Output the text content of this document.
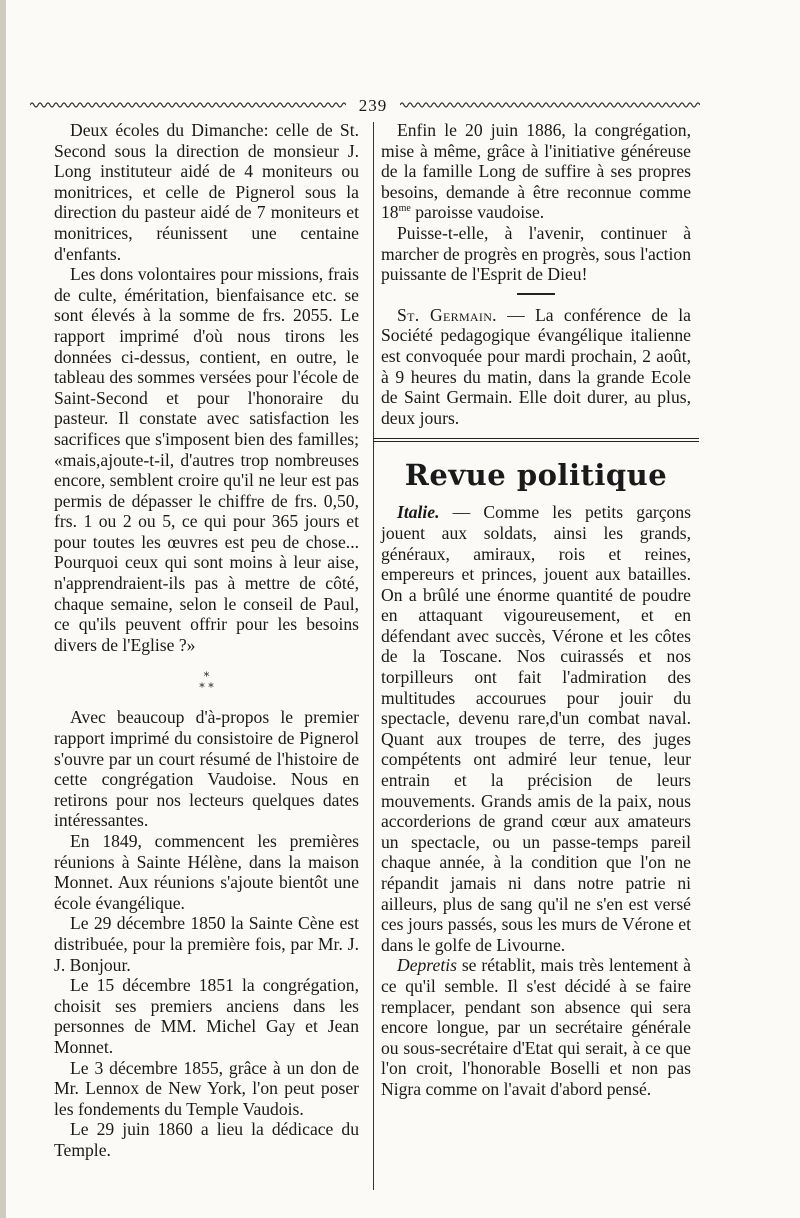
239

Deux écoles du Dimanche: celle de St. Second sous la direction de monsieur J. Long instituteur aidé de 4 moniteurs ou monitrices, et celle de Pignerol sous la direction du pasteur aidé de 7 moniteurs et monitrices, réunissent une centaine d'enfants.

Les dons volontaires pour missions, frais de culte, éméritation, bienfaisance etc. se sont élevés à la somme de frs. 2055. Le rapport imprimé d'où nous tirons les données ci-dessus, contient, en outre, le tableau des sommes versées pour l'école de Saint-Second et pour l'honoraire du pasteur. Il constate avec satisfaction les sacrifices que s'imposent bien des familles; «mais,ajoute-t-il, d'autres trop nombreuses encore, semblent croire qu'il ne leur est pas permis de dépasser le chiffre de frs. 0,50, frs. 1 ou 2 ou 5, ce qui pour 365 jours et pour toutes les œuvres est peu de chose... Pourquoi ceux qui sont moins à leur aise, n'apprendraient-ils pas à mettre de côté, chaque semaine, selon le conseil de Paul, ce qu'ils peuvent offrir pour les besoins divers de l'Eglise ?»

*
* *

Avec beaucoup d'à-propos le premier rapport imprimé du consistoire de Pignerol s'ouvre par un court résumé de l'histoire de cette congrégation Vaudoise. Nous en retirons pour nos lecteurs quelques dates intéressantes.

En 1849, commencent les premières réunions à Sainte Hélène, dans la maison Monnet. Aux réunions s'ajoute bientôt une école évangélique.

Le 29 décembre 1850 la Sainte Cène est distribuée, pour la première fois, par Mr. J. J. Bonjour.

Le 15 décembre 1851 la congrégation, choisit ses premiers anciens dans les personnes de MM. Michel Gay et Jean Monnet.

Le 3 décembre 1855, grâce à un don de Mr. Lennox de New York, l'on peut poser les fondements du Temple Vaudois.

Le 29 juin 1860 a lieu la dédicace du Temple.

Enfin le 20 juin 1886, la congrégation, mise à même, grâce à l'initiative généreuse de la famille Long de suffire à ses propres besoins, demande à être reconnue comme $18^{me}$ paroisse vaudoise.

Puisse-t-elle, à l'avenir, continuer à marcher de progrès en progrès, sous l'action puissante de l'Esprit de Dieu!

St. Germain. — La conférence de la Société pedagogique évangélique italienne est convoquée pour mardi prochain, 2 août, à 9 heures du matin, dans la grande Ecole de Saint Germain. Elle doit durer, au plus, deux jours.

Revue politique

Italie. — Comme les petits garçons jouent aux soldats, ainsi les grands, généraux, amiraux, rois et reines, empereurs et princes, jouent aux batailles. On a brûlé une énorme quantité de poudre en attaquant vigoureusement, et en défendant avec succès, Vérone et les côtes de la Toscane. Nos cuirassés et nos torpilleurs ont fait l'admiration des multitudes accourues pour jouir du spectacle, devenu rare,d'un combat naval. Quant aux troupes de terre, des juges compétents ont admiré leur tenue, leur entrain et la précision de leurs mouvements. Grands amis de la paix, nous accorderions de grand cœur aux amateurs un spectacle, ou un passe-temps pareil chaque année, à la condition que l'on ne répandit jamais ni dans notre patrie ni ailleurs, plus de sang qu'il ne s'en est versé ces jours passés, sous les murs de Vérone et dans le golfe de Livourne.

Depretis se rétablit, mais très lentement à ce qu'il semble. Il s'est décidé à se faire remplacer, pendant son absence qui sera encore longue, par un secrétaire générale ou sous-secrétaire d'Etat qui serait, à ce que l'on croit, l'honorable Boselli et non pas Nigra comme on l'avait d'abord pensé.
